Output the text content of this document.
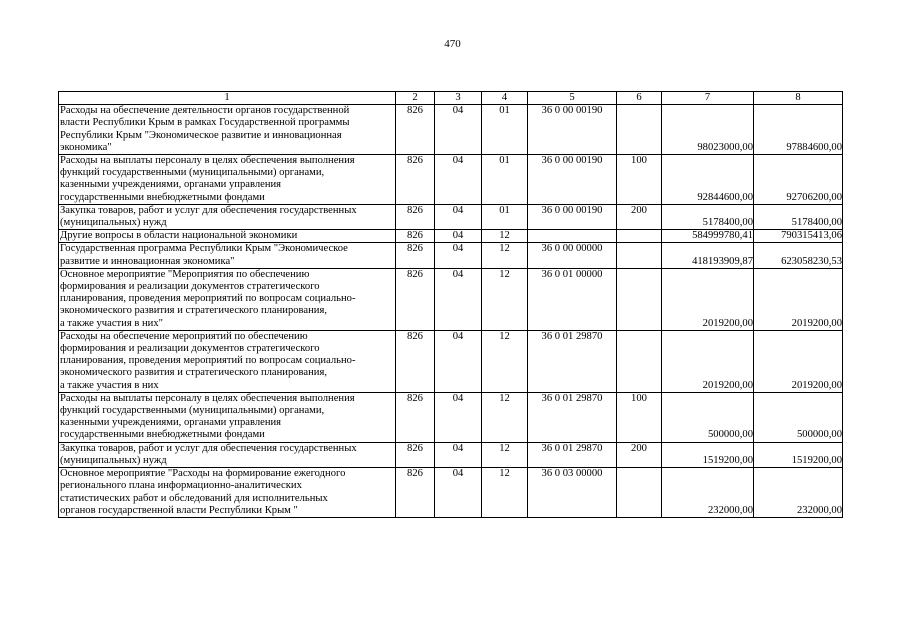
470
1	2	3	4	5	6	7	8
Расходы на обеспечение деятельности органов государственной
власти Республики Крым в рамках Государственной программы
Республики Крым "Экономическое развитие и инновационная
экономика"	826	04	01	36 0 00 00190		98023000,00	97884600,00
Расходы на выплаты персоналу в целях обеспечения выполнения
функций государственными (муниципальными) органами,
казенными учреждениями, органами управления
государственными внебюджетными фондами	826	04	01	36 0 00 00190	100	92844600,00	92706200,00
Закупка товаров, работ и услуг для обеспечения государственных
(муниципальных) нужд	826	04	01	36 0 00 00190	200	5178400,00	5178400,00
Другие вопросы в области национальной экономики	826	04	12			584999780,41	790315413,06
Государственная программа Республики Крым "Экономическое
развитие и инновационная экономика"	826	04	12	36 0 00 00000		418193909,87	623058230,53
Основное мероприятие "Мероприятия по обеспечению
формирования и реализации документов стратегического
планирования, проведения мероприятий по вопросам социально-
экономического развития и стратегического планирования,
а также участия в них"	826	04	12	36 0 01 00000		2019200,00	2019200,00
Расходы на обеспечение мероприятий по обеспечению
формирования и реализации документов стратегического
планирования, проведения мероприятий по вопросам социально-
экономического развития и стратегического планирования,
а также участия в них	826	04	12	36 0 01 29870		2019200,00	2019200,00
Расходы на выплаты персоналу в целях обеспечения выполнения
функций государственными (муниципальными) органами,
казенными учреждениями, органами управления
государственными внебюджетными фондами	826	04	12	36 0 01 29870	100	500000,00	500000,00
Закупка товаров, работ и услуг для обеспечения государственных
(муниципальных) нужд	826	04	12	36 0 01 29870	200	1519200,00	1519200,00
Основное мероприятие "Расходы на формирование ежегодного
регионального плана информационно-аналитических
статистических работ и обследований для исполнительных
органов государственной власти Республики Крым "	826	04	12	36 0 03 00000		232000,00	232000,00
